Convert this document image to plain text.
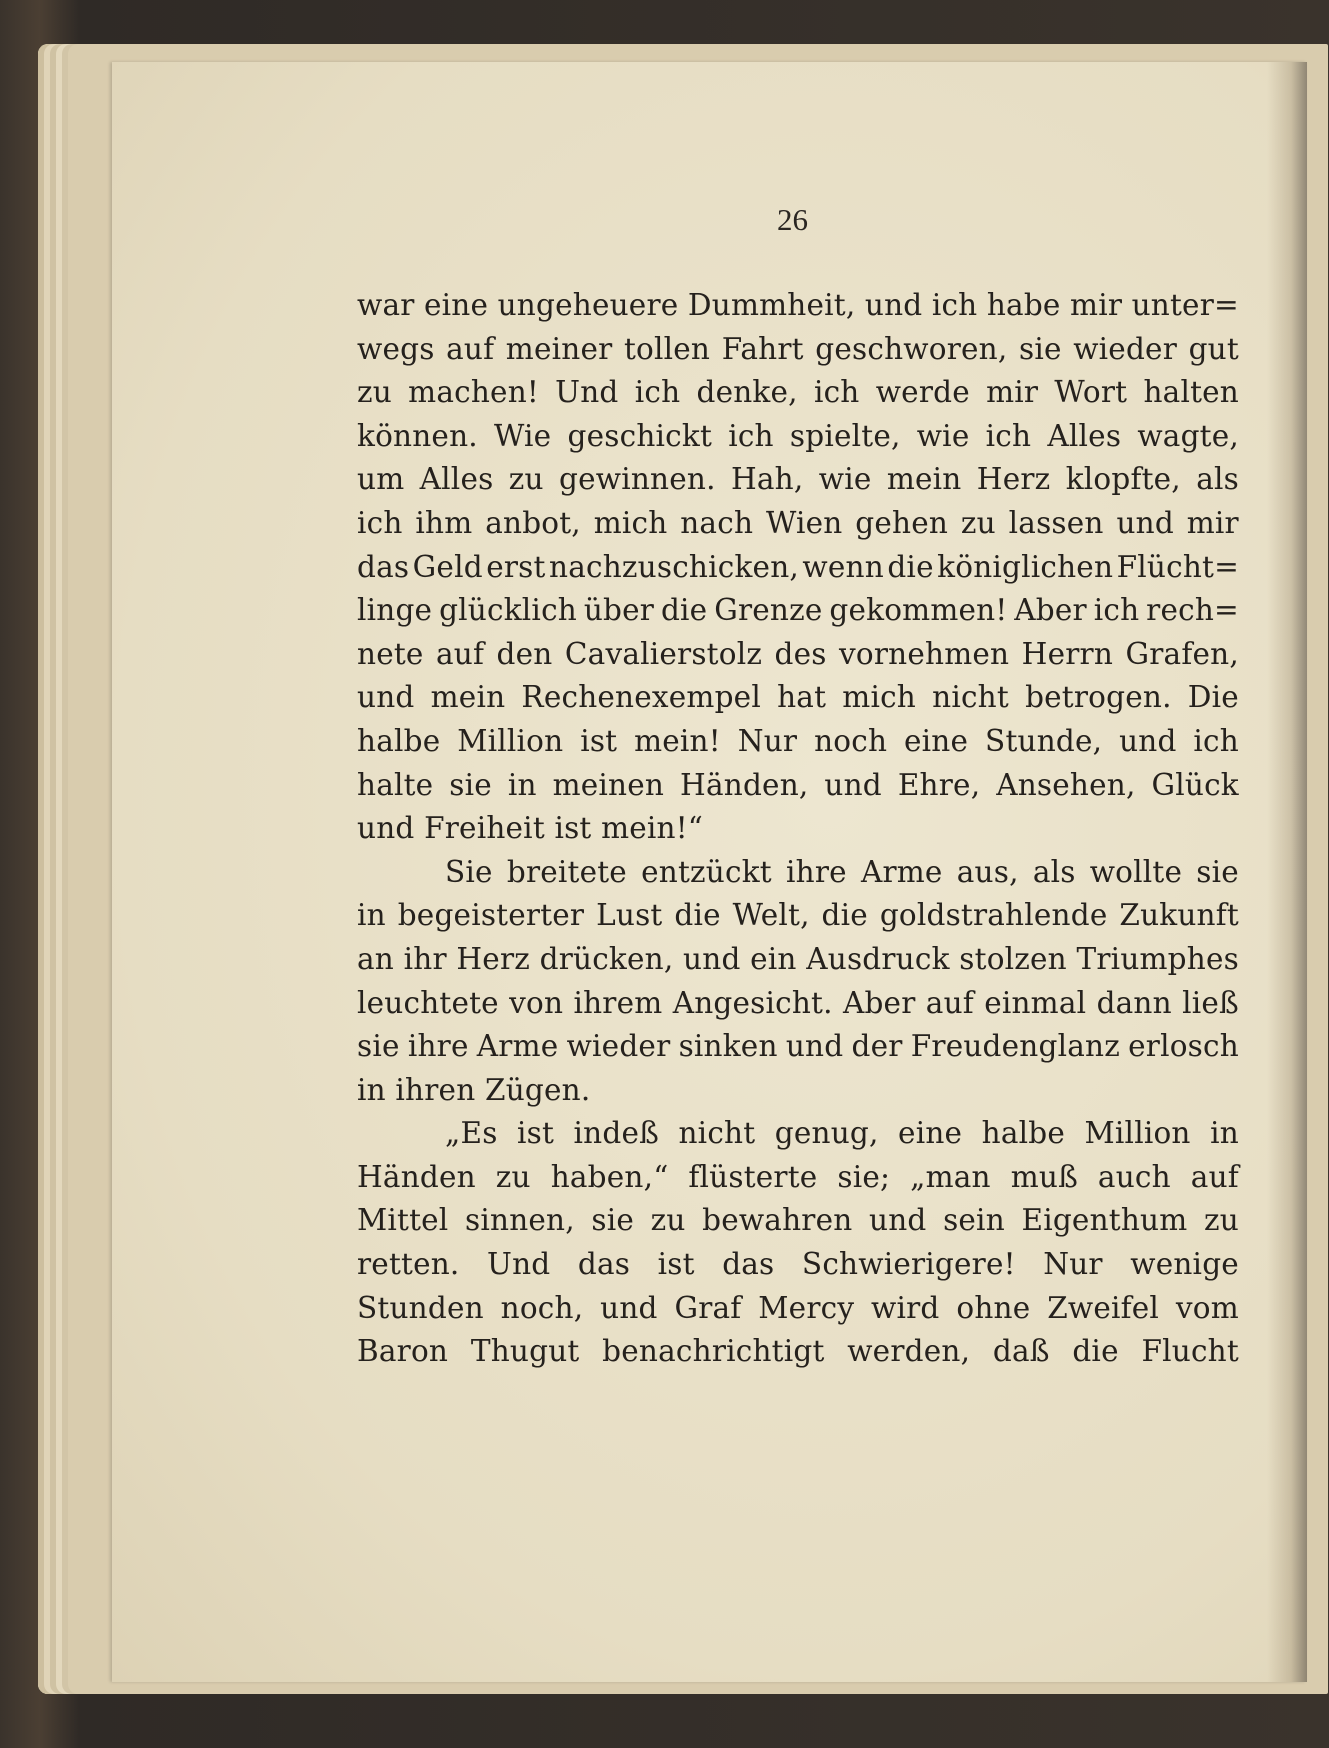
26
war eine ungeheuere Dummheit, und ich habe mir unter=
wegs auf meiner tollen Fahrt geschworen, sie wieder gut
zu machen! Und ich denke, ich werde mir Wort halten
können. Wie geschickt ich spielte, wie ich Alles wagte,
um Alles zu gewinnen. Hah, wie mein Herz klopfte, als
ich ihm anbot, mich nach Wien gehen zu lassen und mir
das Geld erst nachzuschicken, wenn die königlichen Flücht=
linge glücklich über die Grenze gekommen! Aber ich rech=
nete auf den Cavalierstolz des vornehmen Herrn Grafen,
und mein Rechenexempel hat mich nicht betrogen. Die
halbe Million ist mein! Nur noch eine Stunde, und ich
halte sie in meinen Händen, und Ehre, Ansehen, Glück
und Freiheit ist mein!“
Sie breitete entzückt ihre Arme aus, als wollte sie
in begeisterter Lust die Welt, die goldstrahlende Zukunft
an ihr Herz drücken, und ein Ausdruck stolzen Triumphes
leuchtete von ihrem Angesicht. Aber auf einmal dann ließ
sie ihre Arme wieder sinken und der Freudenglanz erlosch
in ihren Zügen.
„Es ist indeß nicht genug, eine halbe Million in
Händen zu haben,“ flüsterte sie; „man muß auch auf
Mittel sinnen, sie zu bewahren und sein Eigenthum zu
retten. Und das ist das Schwierigere! Nur wenige
Stunden noch, und Graf Mercy wird ohne Zweifel vom
Baron Thugut benachrichtigt werden, daß die Flucht
